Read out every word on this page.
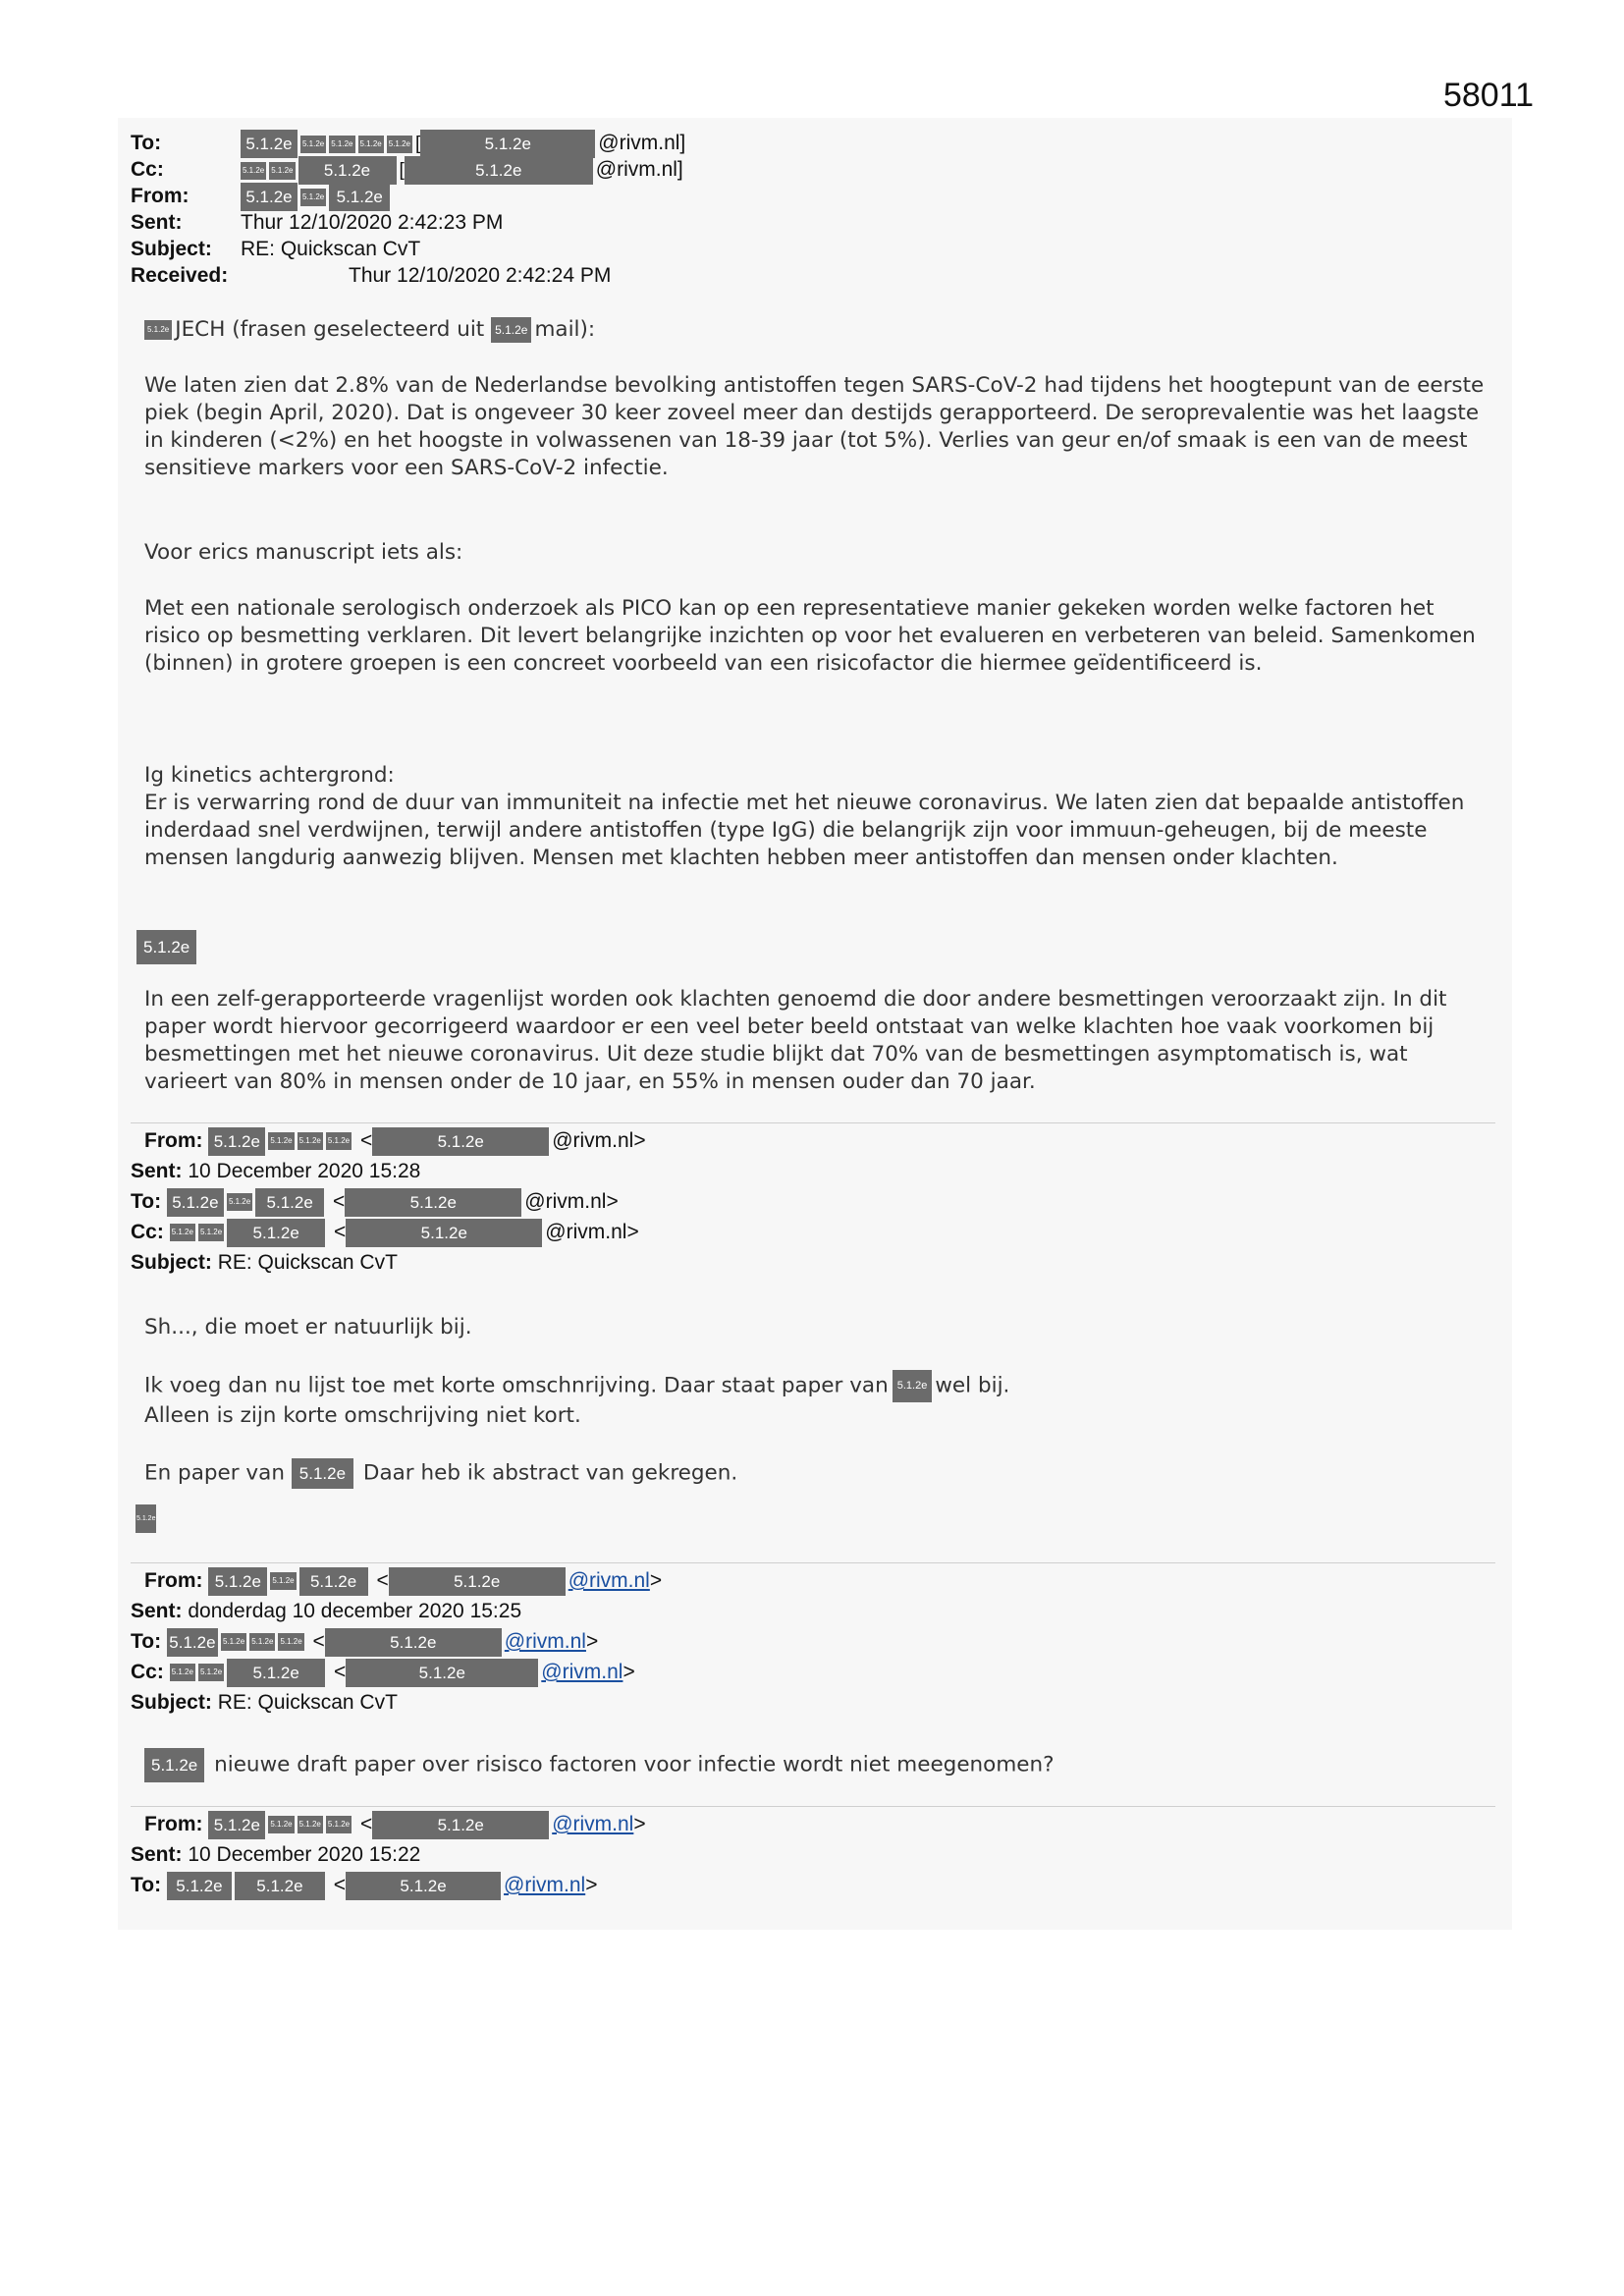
58011
To:	5.1.2e 5.1.2e 5.1.2e 5.1.2e 5.1.2e [	5.1.2e	@rivm.nl]
Cc:	5.1.2e 5.1.2e 5.1.2e [	5.1.2e	@rivm.nl]
From:	5.1.2e 5.1.2e 5.1.2e
Sent:	Thur 12/10/2020 2:42:23 PM
Subject: RE: Quickscan CvT
Received:	Thur 12/10/2020 2:42:24 PM
5.1.2e JECH (frasen geselecteerd uit 5.1.2e mail):

We laten zien dat 2.8% van de Nederlandse bevolking antistoffen tegen SARS-CoV-2 had tijdens het hoogtepunt van de eerste piek (begin April, 2020). Dat is ongeveer 30 keer zoveel meer dan destijds gerapporteerd. De seroprevalentie was het laagste in kinderen (<2%) en het hoogste in volwassenen van 18-39 jaar (tot 5%). Verlies van geur en/of smaak is een van de meest sensitieve markers voor een SARS-CoV-2 infectie.

Voor erics manuscript iets als:

Met een nationale serologisch onderzoek als PICO kan op een representatieve manier gekeken worden welke factoren het risico op besmetting verklaren. Dit levert belangrijke inzichten op voor het evalueren en verbeteren van beleid. Samenkomen (binnen) in grotere groepen is een concreet voorbeeld van een risicofactor die hiermee geïdentificeerd is.

Ig kinetics achtergrond:

Er is verwarring rond de duur van immuniteit na infectie met het nieuwe coronavirus. We laten zien dat bepaalde antistoffen inderdaad snel verdwijnen, terwijl andere antistoffen (type IgG) die belangrijk zijn voor immuun-geheugen, bij de meeste mensen langdurig aanwezig blijven. Mensen met klachten hebben meer antistoffen dan mensen onder klachten.

5.1.2e

In een zelf-gerapporteerde vragenlijst worden ook klachten genoemd die door andere besmettingen veroorzaakt zijn. In dit paper wordt hiervoor gecorrigeerd waardoor er een veel beter beeld ontstaat van welke klachten hoe vaak voorkomen bij besmettingen met het nieuwe coronavirus. Uit deze studie blijkt dat 70% van de besmettingen asymptomatisch is, wat varieert van 80% in mensen onder de 10 jaar, en 55% in mensen ouder dan 70 jaar.

From: 5.1.2e 5.1.2e 5.1.2e 5.1.2e <	5.1.2e	@rivm.nl>
Sent: 10 December 2020 15:28
To: 5.1.2e 5.1.2e 5.1.2e <	5.1.2e	@rivm.nl>
Cc: 5.1.2e 5.1.2e 5.1.2e <	5.1.2e	@rivm.nl>
Subject: RE: Quickscan CvT

Sh..., die moet er natuurlijk bij.

Ik voeg dan nu lijst toe met korte omschnrijving. Daar staat paper van 5.1.2e wel bij.

Alleen is zijn korte omschrijving niet kort.

En paper van 5.1.2e Daar heb ik abstract van gekregen.

5.1.2e
From: 5.1.2e 5.1.2e 5.1.2e <	5.1.2e	@rivm.nl>
Sent: donderdag 10 december 2020 15:25
To: 5.1.2e 5.1.2e 5.1.2e 5.1.2e <	5.1.2e	@rivm.nl>
Cc: 5.1.2e 5.1.2e 5.1.2e <	5.1.2e	@rivm.nl>
Subject: RE: Quickscan CvT
5.1.2e nieuwe draft paper over risisco factoren voor infectie wordt niet meegenomen?
From: 5.1.2e 5.1.2e 5.1.2e 5.1.2e <	5.1.2e	@rivm.nl>
Sent: 10 December 2020 15:22
To: 5.1.2e 5.1.2e <	5.1.2e	@rivm.nl>
